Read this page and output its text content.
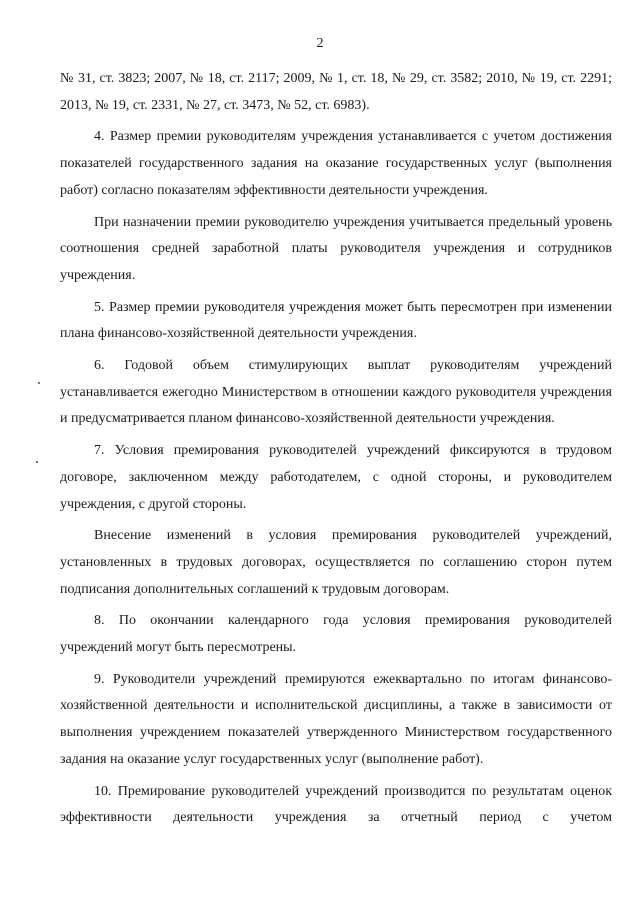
2

№ 31, ст. 3823; 2007, № 18, ст. 2117; 2009, № 1, ст. 18, № 29, ст. 3582; 2010, № 19, ст. 2291; 2013, № 19, ст. 2331, № 27, ст. 3473, № 52, ст. 6983).

4. Размер премии руководителям учреждения устанавливается с учетом достижения показателей государственного задания на оказание государственных услуг (выполнения работ) согласно показателям эффективности деятельности учреждения.

При назначении премии руководителю учреждения учитывается предельный уровень соотношения средней заработной платы руководителя учреждения и сотрудников учреждения.

5. Размер премии руководителя учреждения может быть пересмотрен при изменении плана финансово-хозяйственной деятельности учреждения.

6. Годовой объем стимулирующих выплат руководителям учреждений устанавливается ежегодно Министерством в отношении каждого руководителя учреждения и предусматривается планом финансово-хозяйственной деятельности учреждения.

7. Условия премирования руководителей учреждений фиксируются в трудовом договоре, заключенном между работодателем, с одной стороны, и руководителем учреждения, с другой стороны.

Внесение изменений в условия премирования руководителей учреждений, установленных в трудовых договорах, осуществляется по соглашению сторон путем подписания дополнительных соглашений к трудовым договорам.

8. По окончании календарного года условия премирования руководителей учреждений могут быть пересмотрены.

9. Руководители учреждений премируются ежеквартально по итогам финансово-хозяйственной деятельности и исполнительской дисциплины, а также в зависимости от выполнения учреждением показателей утвержденного Министерством государственного задания на оказание услуг государственных услуг (выполнение работ).

10. Премирование руководителей учреждений производится по результатам оценок эффективности деятельности учреждения за отчетный период с учетом
